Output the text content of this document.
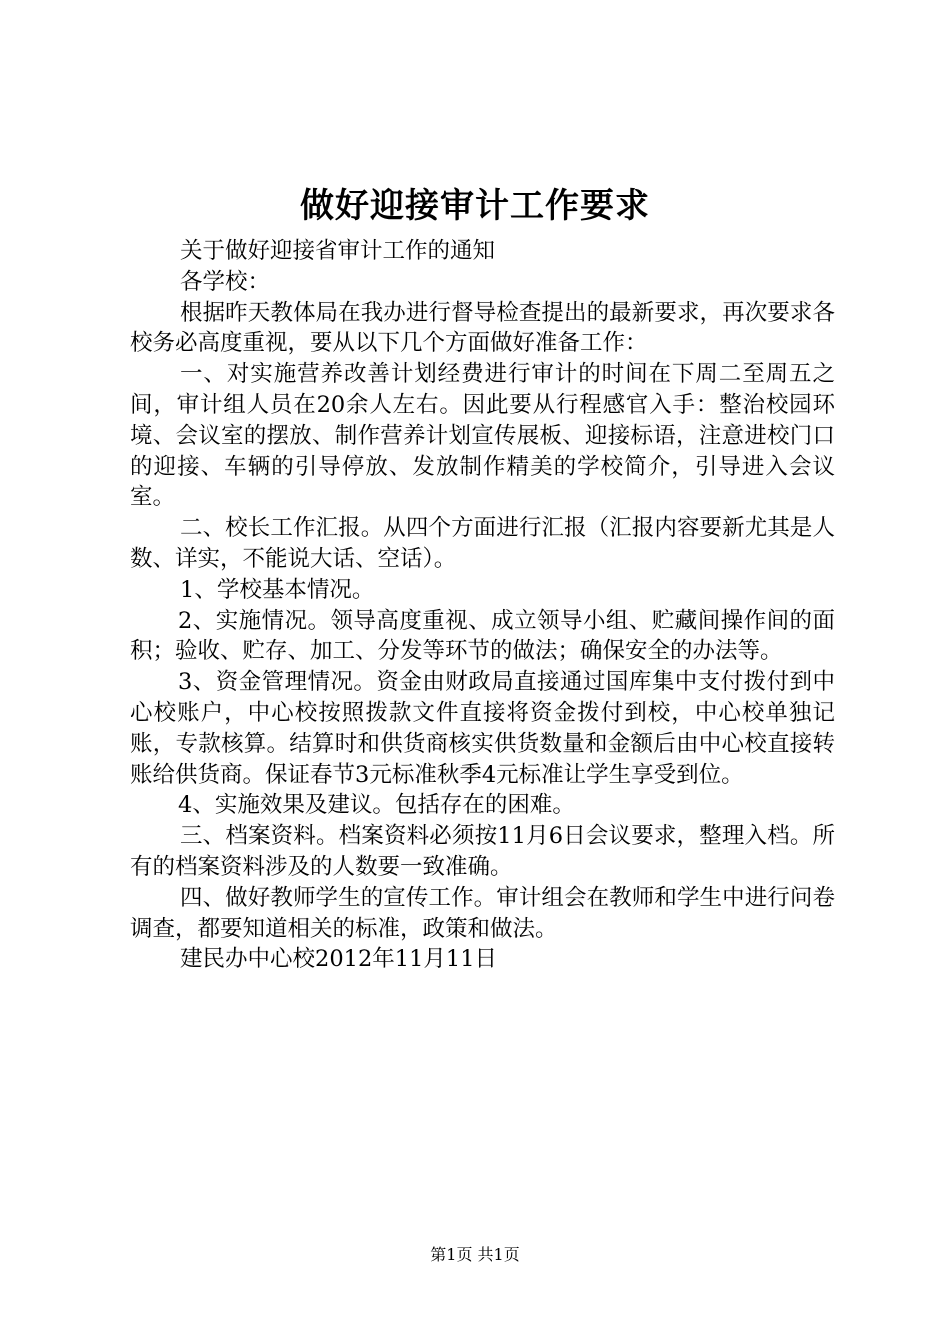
做好迎接审计工作要求

关于做好迎接省审计工作的通知

各学校：

根据昨天教体局在我办进行督导检查提出的最新要求，再次要求各校务必高度重视，要从以下几个方面做好准备工作：

一、对实施营养改善计划经费进行审计的时间在下周二至周五之间，审计组人员在20余人左右。因此要从行程感官入手：整治校园环境、会议室的摆放、制作营养计划宣传展板、迎接标语，注意进校门口的迎接、车辆的引导停放、发放制作精美的学校简介，引导进入会议室。

二、校长工作汇报。从四个方面进行汇报（汇报内容要新尤其是人数、详实，不能说大话、空话）。

1、学校基本情况。

2、实施情况。领导高度重视、成立领导小组、贮藏间操作间的面积；验收、贮存、加工、分发等环节的做法；确保安全的办法等。

3、资金管理情况。资金由财政局直接通过国库集中支付拨付到中心校账户，中心校按照拨款文件直接将资金拨付到校，中心校单独记账，专款核算。结算时和供货商核实供货数量和金额后由中心校直接转账给供货商。保证春节3元标准秋季4元标准让学生享受到位。

4、实施效果及建议。包括存在的困难。

三、档案资料。档案资料必须按11月6日会议要求，整理入档。所有的档案资料涉及的人数要一致准确。

四、做好教师学生的宣传工作。审计组会在教师和学生中进行问卷调查，都要知道相关的标准，政策和做法。

建民办中心校2012年11月11日

第1页 共1页
